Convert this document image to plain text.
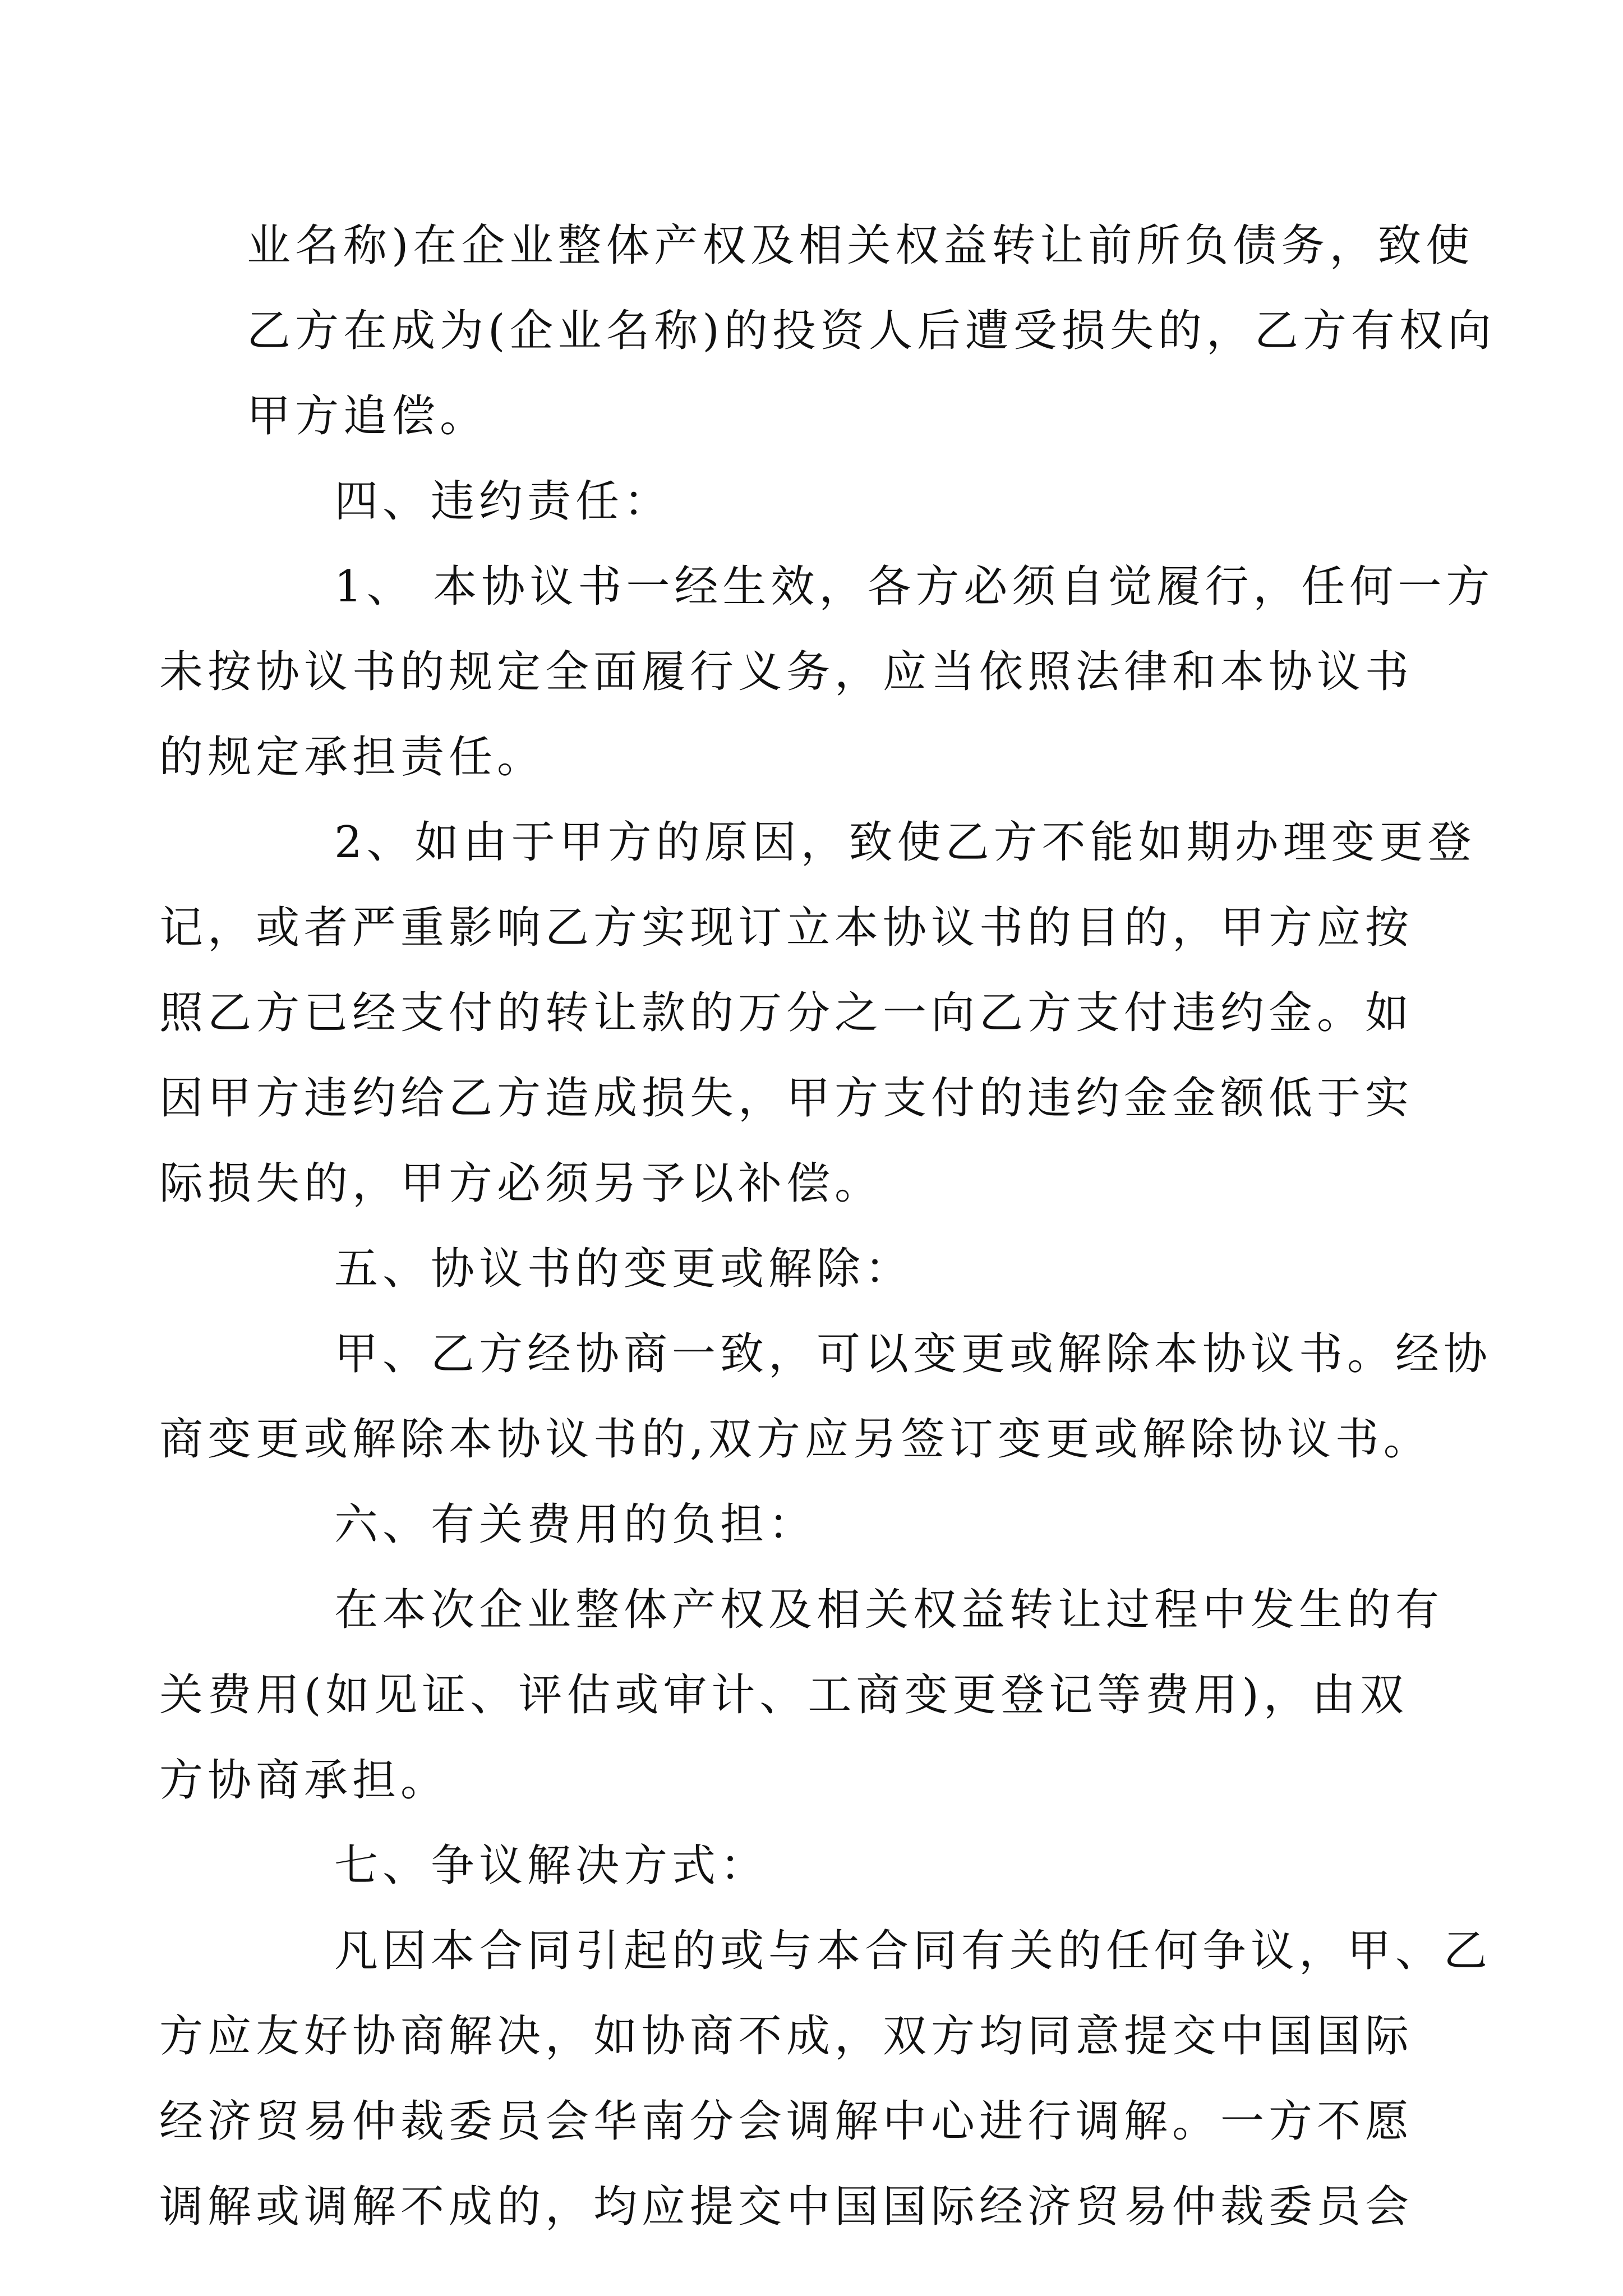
业名称)在企业整体产权及相关权益转让前所负债务，致使
乙方在成为(企业名称)的投资人后遭受损失的，乙方有权向
甲方追偿。

四、违约责任：

1、 本协议书一经生效，各方必须自觉履行，任何一方
未按协议书的规定全面履行义务，应当依照法律和本协议书
的规定承担责任。

2、如由于甲方的原因，致使乙方不能如期办理变更登
记，或者严重影响乙方实现订立本协议书的目的，甲方应按
照乙方已经支付的转让款的万分之一向乙方支付违约金。如
因甲方违约给乙方造成损失，甲方支付的违约金金额低于实
际损失的，甲方必须另予以补偿。

五、协议书的变更或解除：

甲、乙方经协商一致，可以变更或解除本协议书。经协
商变更或解除本协议书的,双方应另签订变更或解除协议书。

六、有关费用的负担：

在本次企业整体产权及相关权益转让过程中发生的有
关费用(如见证、评估或审计、工商变更登记等费用)，由双
方协商承担。

七、争议解决方式：

凡因本合同引起的或与本合同有关的任何争议，甲、乙
方应友好协商解决，如协商不成，双方均同意提交中国国际
经济贸易仲裁委员会华南分会调解中心进行调解。一方不愿
调解或调解不成的，均应提交中国国际经济贸易仲裁委员会
